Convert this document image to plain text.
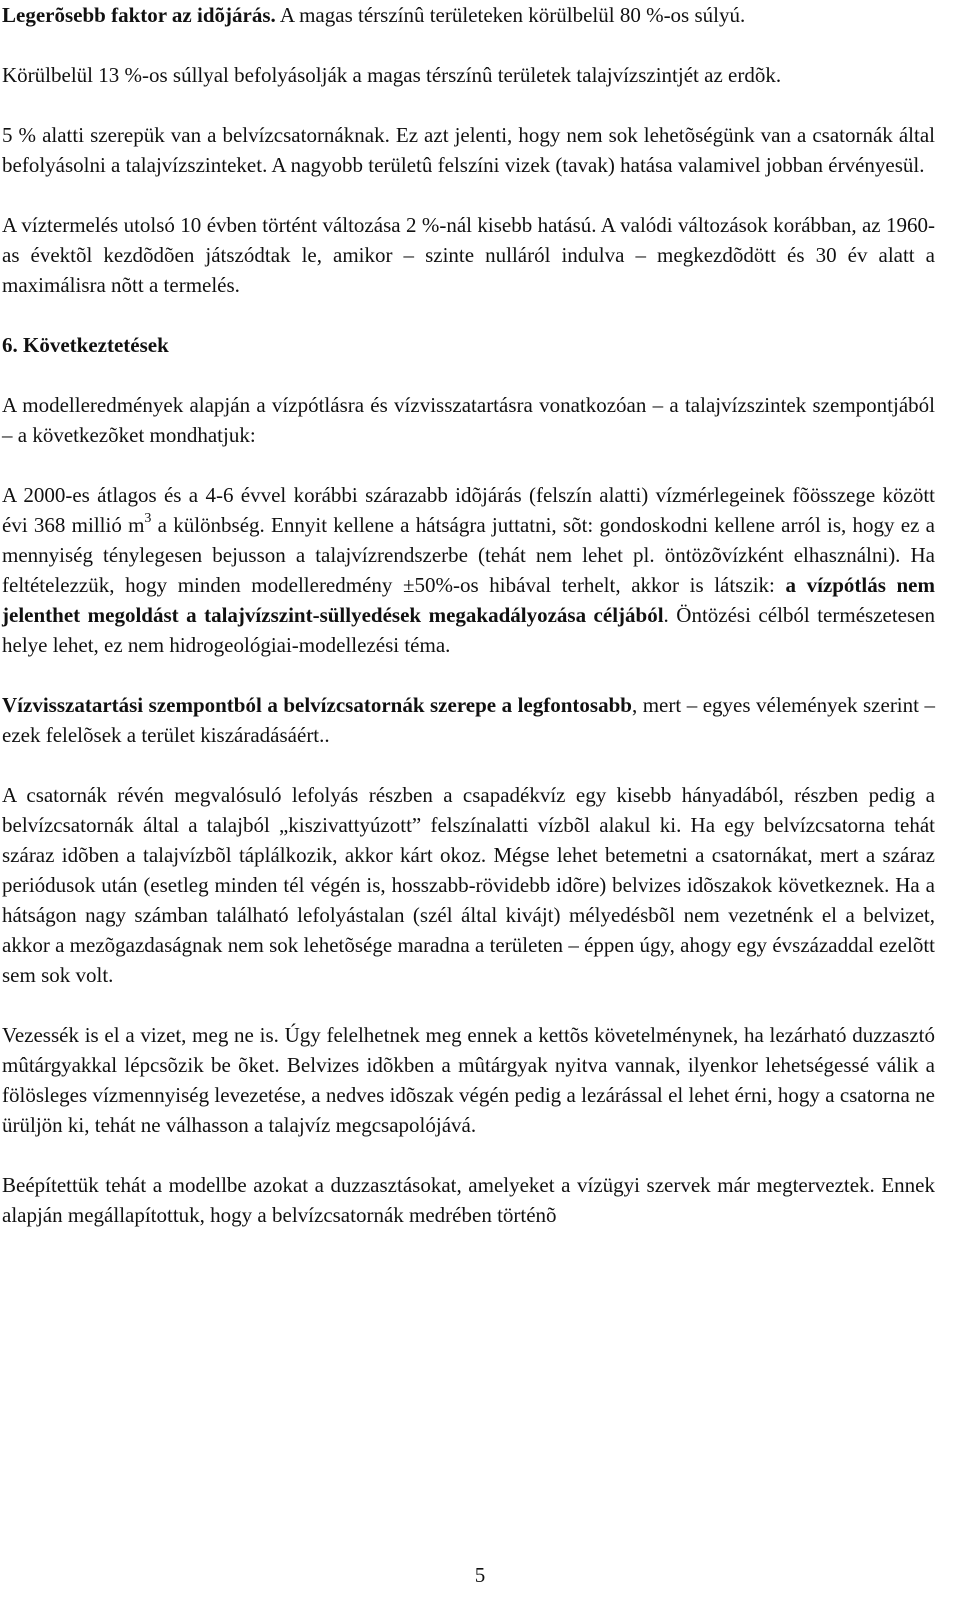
Legerõsebb faktor az idõjárás. A magas térszínû területeken körülbelül 80 %-os súlyú.

Körülbelül 13 %-os súllyal befolyásolják a magas térszínû területek talajvízszintjét az erdõk.

5 % alatti szerepük van a belvízcsatornáknak. Ez azt jelenti, hogy nem sok lehetõségünk van a csatornák által befolyásolni a talajvízszinteket. A nagyobb területû felszíni vizek (tavak) hatása valamivel jobban érvényesül.

A víztermelés utolsó 10 évben történt változása 2 %-nál kisebb hatású. A valódi változások korábban, az 1960-as évektõl kezdõdõen játszódtak le, amikor – szinte nulláról indulva – megkezdõdött és 30 év alatt a maximálisra nõtt a termelés.

6. Következtetések

A modelleredmények alapján a vízpótlásra és vízvisszatartásra vonatkozóan – a talajvízszintek szempontjából – a következõket mondhatjuk:

A 2000-es átlagos és a 4-6 évvel korábbi szárazabb idõjárás (felszín alatti) vízmérlegeinek fõösszege között évi 368 millió $m^3$ a különbség. Ennyit kellene a hátságra juttatni, sõt: gondoskodni kellene arról is, hogy ez a mennyiség ténylegesen bejusson a talajvízrendszerbe (tehát nem lehet pl. öntözõvízként elhasználni). Ha feltételezzük, hogy minden modelleredmény ±50%-os hibával terhelt, akkor is látszik: a vízpótlás nem jelenthet megoldást a talajvízszint-süllyedések megakadályozása céljából. Öntözési célból természetesen helye lehet, ez nem hidrogeológiai-modellezési téma.

Vízvisszatartási szempontból a belvízcsatornák szerepe a legfontosabb, mert – egyes vélemények szerint – ezek felelõsek a terület kiszáradásáért..

A csatornák révén megvalósuló lefolyás részben a csapadékvíz egy kisebb hányadából, részben pedig a belvízcsatornák által a talajból „kiszivattyúzott” felszínalatti vízbõl alakul ki. Ha egy belvízcsatorna tehát száraz idõben a talajvízbõl táplálkozik, akkor kárt okoz. Mégse lehet betemetni a csatornákat, mert a száraz periódusok után (esetleg minden tél végén is, hosszabb-rövidebb idõre) belvizes idõszakok következnek. Ha a hátságon nagy számban található lefolyástalan (szél által kivájt) mélyedésbõl nem vezetnénk el a belvizet, akkor a mezõgazdaságnak nem sok lehetõsége maradna a területen – éppen úgy, ahogy egy évszázaddal ezelõtt sem sok volt.

Vezessék is el a vizet, meg ne is. Úgy felelhetnek meg ennek a kettõs követelménynek, ha lezárható duzzasztó mûtárgyakkal lépcsõzik be õket. Belvizes idõkben a mûtárgyak nyitva vannak, ilyenkor lehetségessé válik a fölösleges vízmennyiség levezetése, a nedves idõszak végén pedig a lezárással el lehet érni, hogy a csatorna ne ürüljön ki, tehát ne válhasson a talajvíz megcsapolójává.

Beépítettük tehát a modellbe azokat a duzzasztásokat, amelyeket a vízügyi szervek már megterveztek. Ennek alapján megállapítottuk, hogy a belvízcsatornák medrében történõ

5
